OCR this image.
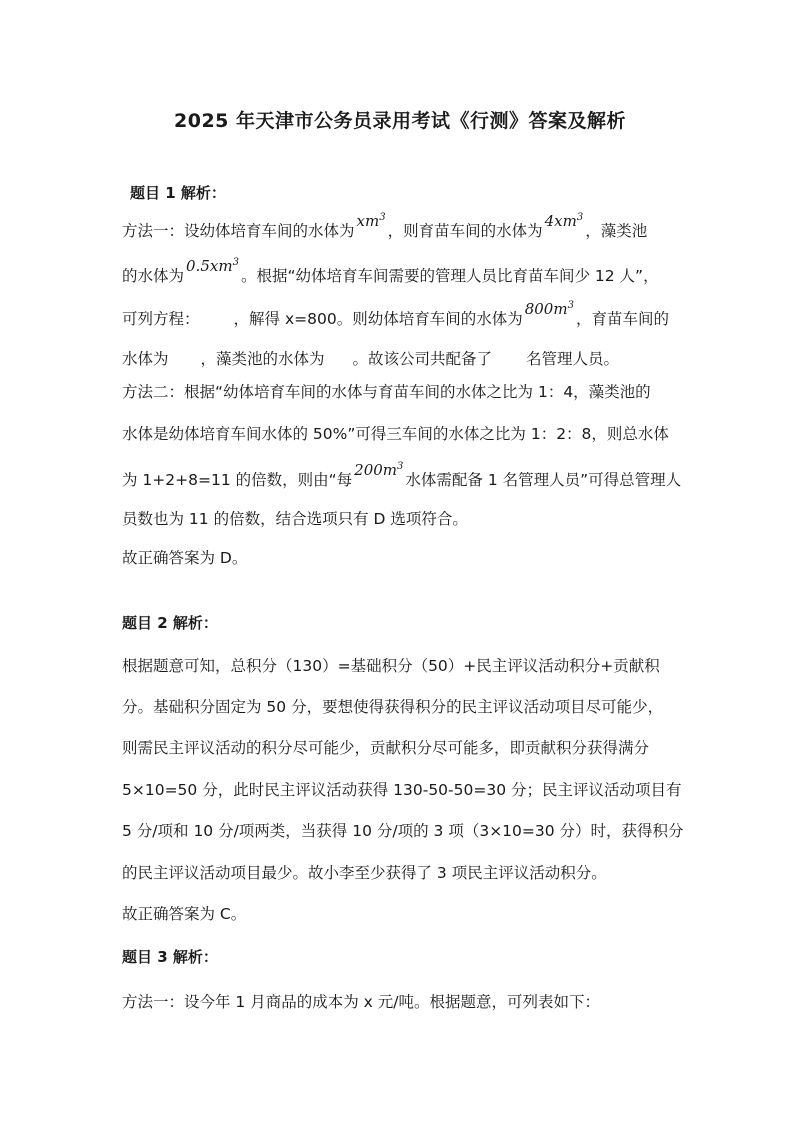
2025 年天津市公务员录用考试《行测》答案及解析
题目 1 解析：
方法一：设幼体培育车间的水体为$xm^3$，则育苗车间的水体为$4xm^3$，藻类池
的水体为$0.5xm^3$。根据“幼体培育车间需要的管理人员比育苗车间少 12 人”，
可列方程： ，解得 x=800。则幼体培育车间的水体为$800m^3$，育苗车间的
水体为 ，藻类池的水体为 。故该公司共配备了 名管理人员。
方法二：根据“幼体培育车间的水体与育苗车间的水体之比为 1：4，藻类池的
水体是幼体培育车间水体的 50%”可得三车间的水体之比为 1：2：8，则总水体
为 1+2+8=11 的倍数，则由“每$200m^3$水体需配备 1 名管理人员”可得总管理人
员数也为 11 的倍数，结合选项只有 D 选项符合。
故正确答案为 D。
题目 2 解析：
根据题意可知，总积分（130）=基础积分（50）+民主评议活动积分+贡献积
分。基础积分固定为 50 分，要想使得获得积分的民主评议活动项目尽可能少，
则需民主评议活动的积分尽可能少，贡献积分尽可能多，即贡献积分获得满分
5×10=50 分，此时民主评议活动获得 130-50-50=30 分；民主评议活动项目有
5 分/项和 10 分/项两类，当获得 10 分/项的 3 项（3×10=30 分）时，获得积分
的民主评议活动项目最少。故小李至少获得了 3 项民主评议活动积分。
故正确答案为 C。
题目 3 解析：
方法一：设今年 1 月商品的成本为 x 元/吨。根据题意，可列表如下：
